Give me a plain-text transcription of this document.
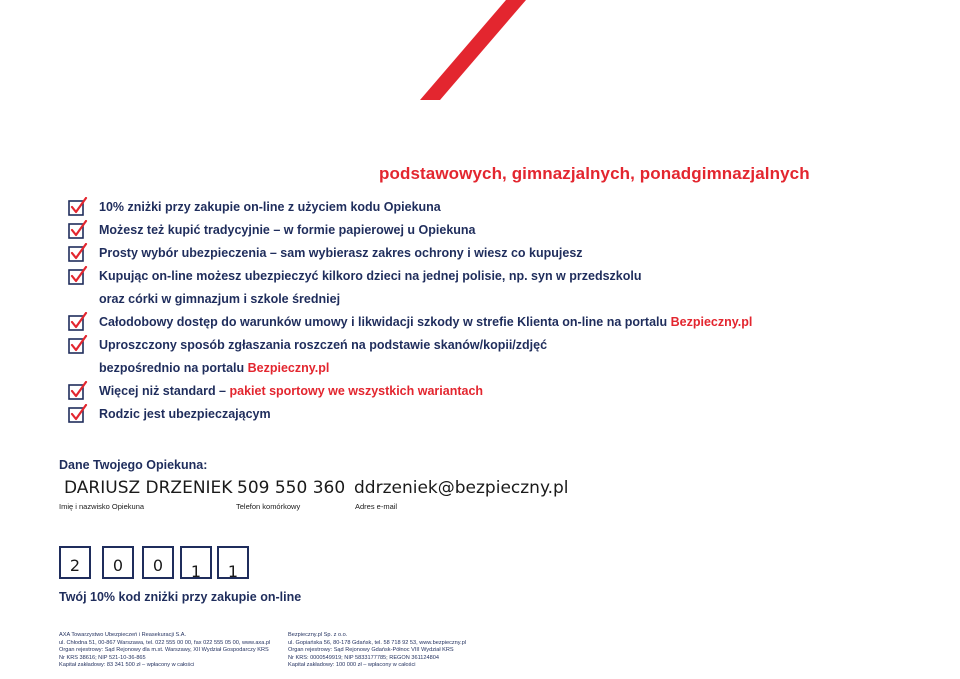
podstawowych, gimnazjalnych, ponadgimnazjalnych
10% zniżki przy zakupie on-line z użyciem kodu Opiekuna
Możesz też kupić tradycyjnie – w formie papierowej u Opiekuna
Prosty wybór ubezpieczenia – sam wybierasz zakres ochrony i wiesz co kupujesz
Kupując on-line możesz ubezpieczyć kilkoro dzieci na jednej polisie, np. syn w przedszkolu
oraz córki w gimnazjum i szkole średniej
Całodobowy dostęp do warunków umowy i likwidacji szkody w strefie Klienta on-line na portalu Bezpieczny.pl
Uproszczony sposób zgłaszania roszczeń na podstawie skanów/kopii/zdjęć
bezpośrednio na portalu Bezpieczny.pl
Więcej niż standard – pakiet sportowy we wszystkich wariantach
Rodzic jest ubezpieczającym
Dane Twojego Opiekuna:
DARIUSZ DRZENIEK 509 550 360 ddrzeniek@bezpieczny.pl
Imię i nazwisko Opiekuna	Telefon komórkowy	Adres e-mail
2	0	0	1	1
Twój 10% kod zniżki przy zakupie on-line
AXA Towarzystwo Ubezpieczeń i Reasekuracji S.A.
ul. Chłodna 51, 00-867 Warszawa, tel. 022 555 00 00, fax 022 555 05 00, www.axa.pl
Organ rejestrowy: Sąd Rejonowy dla m.st. Warszawy, XII Wydział Gospodarczy KRS
Nr KRS 38616; NIP 521-10-36-865
Kapitał zakładowy: 83 341 500 zł – wpłacony w całości
Bezpieczny.pl Sp. z o.o.
ul. Gopiańska 56, 80-178 Gdańsk, tel. 58 718 92 53, www.bezpieczny.pl
Organ rejestrowy: Sąd Rejonowy Gdańsk-Północ VIII Wydział KRS
Nr KRS: 0000549919; NIP 5833177785; REGON 361124804
Kapitał zakładowy: 100 000 zł – wpłacony w całości
